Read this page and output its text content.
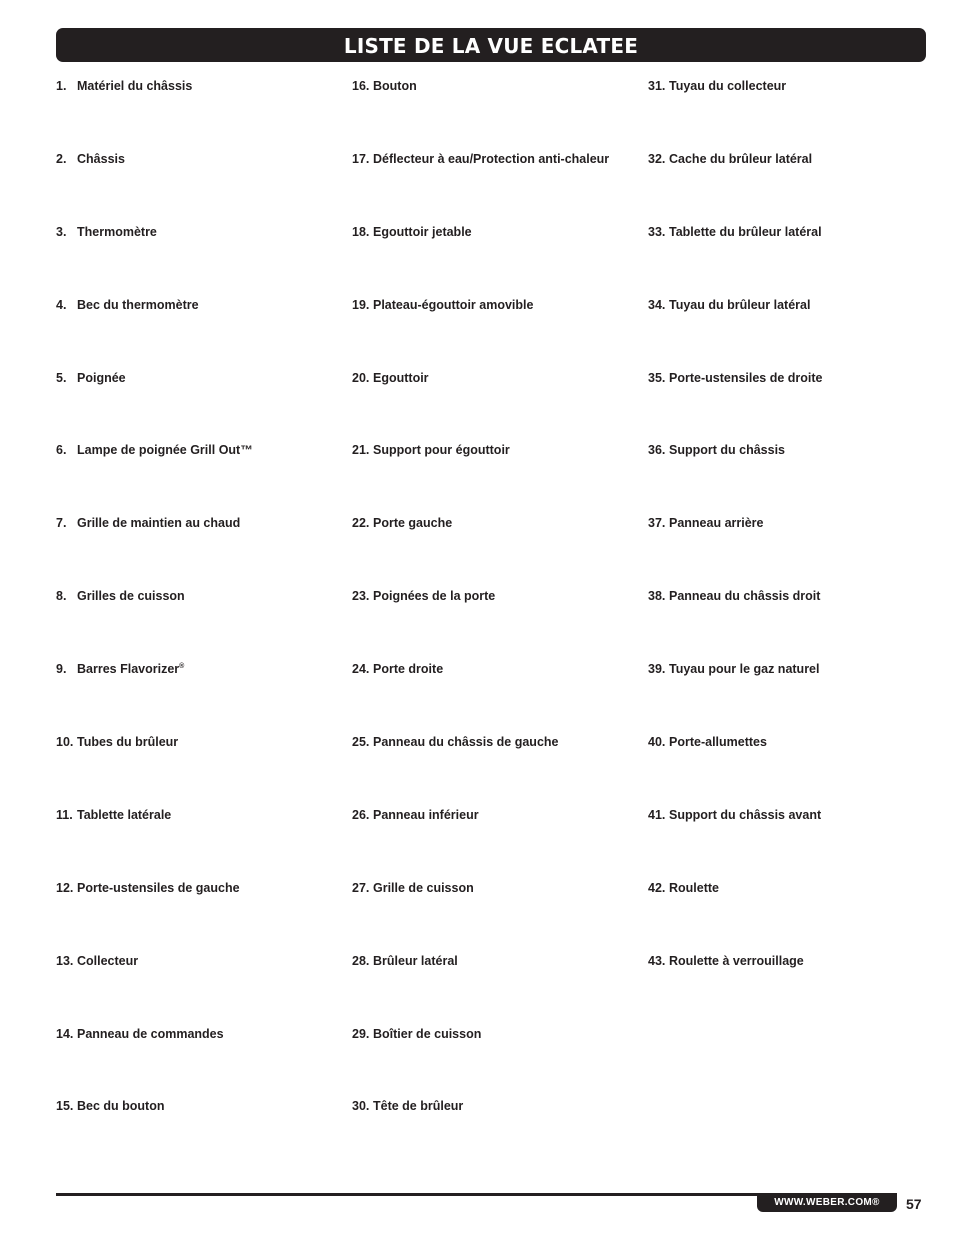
LISTE DE LA VUE ECLATEE
1. Matériel du châssis
2. Châssis
3. Thermomètre
4. Bec du thermomètre
5. Poignée
6. Lampe de poignée Grill Out™
7. Grille de maintien au chaud
8. Grilles de cuisson
9. Barres Flavorizer®
10. Tubes du brûleur
11. Tablette latérale
12. Porte-ustensiles de gauche
13. Collecteur
14. Panneau de commandes
15. Bec du bouton
16. Bouton
17. Déflecteur à eau/Protection anti-chaleur
18. Egouttoir jetable
19. Plateau-égouttoir amovible
20. Egouttoir
21. Support pour égouttoir
22. Porte gauche
23. Poignées de la porte
24. Porte droite
25. Panneau du châssis de gauche
26. Panneau inférieur
27. Grille de cuisson
28. Brûleur latéral
29. Boîtier de cuisson
30. Tête de brûleur
31. Tuyau du collecteur
32. Cache du brûleur latéral
33. Tablette du brûleur latéral
34. Tuyau du brûleur latéral
35. Porte-ustensiles de droite
36. Support du châssis
37. Panneau arrière
38. Panneau du châssis droit
39. Tuyau pour le gaz naturel
40. Porte-allumettes
41. Support du châssis avant
42. Roulette
43. Roulette à verrouillage
WWW.WEBER.COM® 57
